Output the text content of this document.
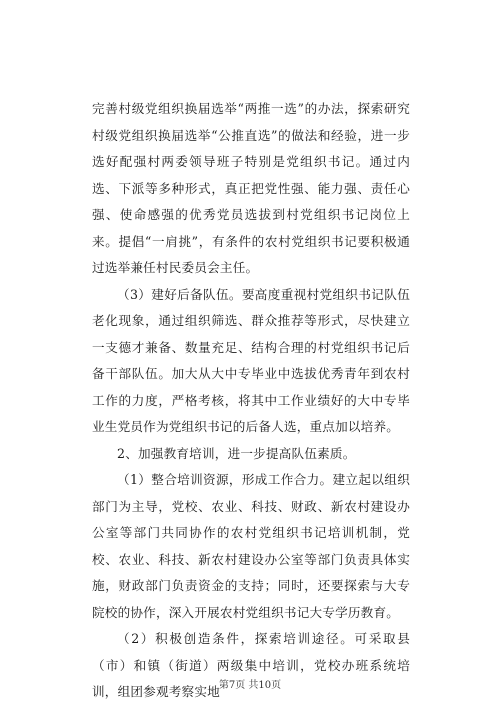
完善村级党组织换届选举“两推一选”的办法，探索研究村级党组织换届选举“公推直选”的做法和经验，进一步选好配强村两委领导班子特别是党组织书记。通过内选、下派等多种形式，真正把党性强、能力强、责任心强、使命感强的优秀党员选拔到村党组织书记岗位上来。提倡“一肩挑”，有条件的农村党组织书记要积极通过选举兼任村民委员会主任。

（3）建好后备队伍。要高度重视村党组织书记队伍老化现象，通过组织筛选、群众推荐等形式，尽快建立一支德才兼备、数量充足、结构合理的村党组织书记后备干部队伍。加大从大中专毕业中选拔优秀青年到农村工作的力度，严格考核，将其中工作业绩好的大中专毕业生党员作为党组织书记的后备人选，重点加以培养。

2、加强教育培训，进一步提高队伍素质。

（1）整合培训资源，形成工作合力。建立起以组织部门为主导，党校、农业、科技、财政、新农村建设办公室等部门共同协作的农村党组织书记培训机制，党校、农业、科技、新农村建设办公室等部门负责具体实施，财政部门负责资金的支持；同时，还要探索与大专院校的协作，深入开展农村党组织书记大专学历教育。

（2）积极创造条件，探索培训途径。可采取县（市）和镇（街道）两级集中培训，党校办班系统培训，组团参观考察实地

第7页 共10页
